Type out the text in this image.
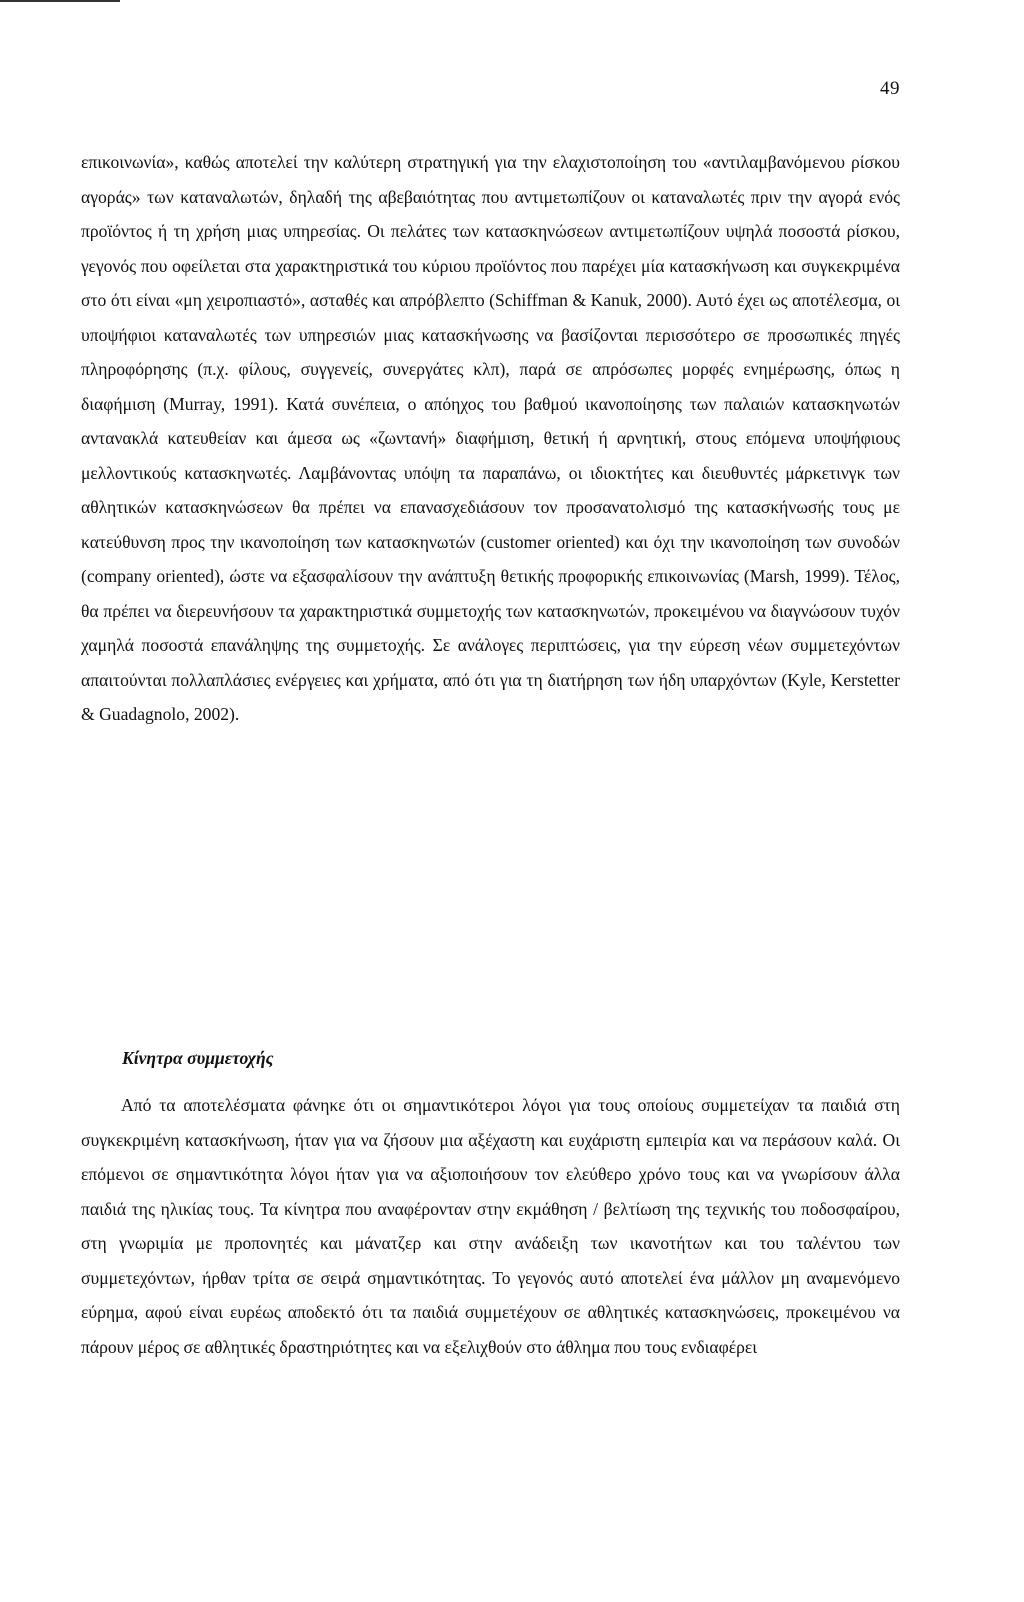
49

επικοινωνία», καθώς αποτελεί την καλύτερη στρατηγική για την ελαχιστοποίηση του «αντιλαμβανόμενου ρίσκου αγοράς» των καταναλωτών, δηλαδή της αβεβαιότητας που αντιμετωπίζουν οι καταναλωτές πριν την αγορά ενός προϊόντος ή τη χρήση μιας υπηρεσίας. Οι πελάτες των κατασκηνώσεων αντιμετωπίζουν υψηλά ποσοστά ρίσκου, γεγονός που οφείλεται στα χαρακτηριστικά του κύριου προϊόντος που παρέχει μία κατασκήνωση και συγκεκριμένα στο ότι είναι «μη χειροπιαστό», ασταθές και απρόβλεπτο (Schiffman & Kanuk, 2000). Αυτό έχει ως αποτέλεσμα, οι υποψήφιοι καταναλωτές των υπηρεσιών μιας κατασκήνωσης να βασίζονται περισσότερο σε προσωπικές πηγές πληροφόρησης (π.χ. φίλους, συγγενείς, συνεργάτες κλπ), παρά σε απρόσωπες μορφές ενημέρωσης, όπως η διαφήμιση (Murray, 1991). Κατά συνέπεια, ο απόηχος του βαθμού ικανοποίησης των παλαιών κατασκηνωτών αντανακλά κατευθείαν και άμεσα ως «ζωντανή» διαφήμιση, θετική ή αρνητική, στους επόμενα υποψήφιους μελλοντικούς κατασκηνωτές. Λαμβάνοντας υπόψη τα παραπάνω, οι ιδιοκτήτες και διευθυντές μάρκετινγκ των αθλητικών κατασκηνώσεων θα πρέπει να επανασχεδιάσουν τον προσανατολισμό της κατασκήνωσής τους με κατεύθυνση προς την ικανοποίηση των κατασκηνωτών (customer oriented) και όχι την ικανοποίηση των συνοδών (company oriented), ώστε να εξασφαλίσουν την ανάπτυξη θετικής προφορικής επικοινωνίας (Marsh, 1999). Τέλος, θα πρέπει να διερευνήσουν τα χαρακτηριστικά συμμετοχής των κατασκηνωτών, προκειμένου να διαγνώσουν τυχόν χαμηλά ποσοστά επανάληψης της συμμετοχής. Σε ανάλογες περιπτώσεις, για την εύρεση νέων συμμετεχόντων απαιτούνται πολλαπλάσιες ενέργειες και χρήματα, από ότι για τη διατήρηση των ήδη υπαρχόντων (Kyle, Kerstetter & Guadagnolo, 2002).

Κίνητρα συμμετοχής

Από τα αποτελέσματα φάνηκε ότι οι σημαντικότεροι λόγοι για τους οποίους συμμετείχαν τα παιδιά στη συγκεκριμένη κατασκήνωση, ήταν για να ζήσουν μια αξέχαστη και ευχάριστη εμπειρία και να περάσουν καλά. Οι επόμενοι σε σημαντικότητα λόγοι ήταν για να αξιοποιήσουν τον ελεύθερο χρόνο τους και να γνωρίσουν άλλα παιδιά της ηλικίας τους. Τα κίνητρα που αναφέρονταν στην εκμάθηση / βελτίωση της τεχνικής του ποδοσφαίρου, στη γνωριμία με προπονητές και μάνατζερ και στην ανάδειξη των ικανοτήτων και του ταλέντου των συμμετεχόντων, ήρθαν τρίτα σε σειρά σημαντικότητας. Το γεγονός αυτό αποτελεί ένα μάλλον μη αναμενόμενο εύρημα, αφού είναι ευρέως αποδεκτό ότι τα παιδιά συμμετέχουν σε αθλητικές κατασκηνώσεις, προκειμένου να πάρουν μέρος σε αθλητικές δραστηριότητες και να εξελιχθούν στο άθλημα που τους ενδιαφέρει
